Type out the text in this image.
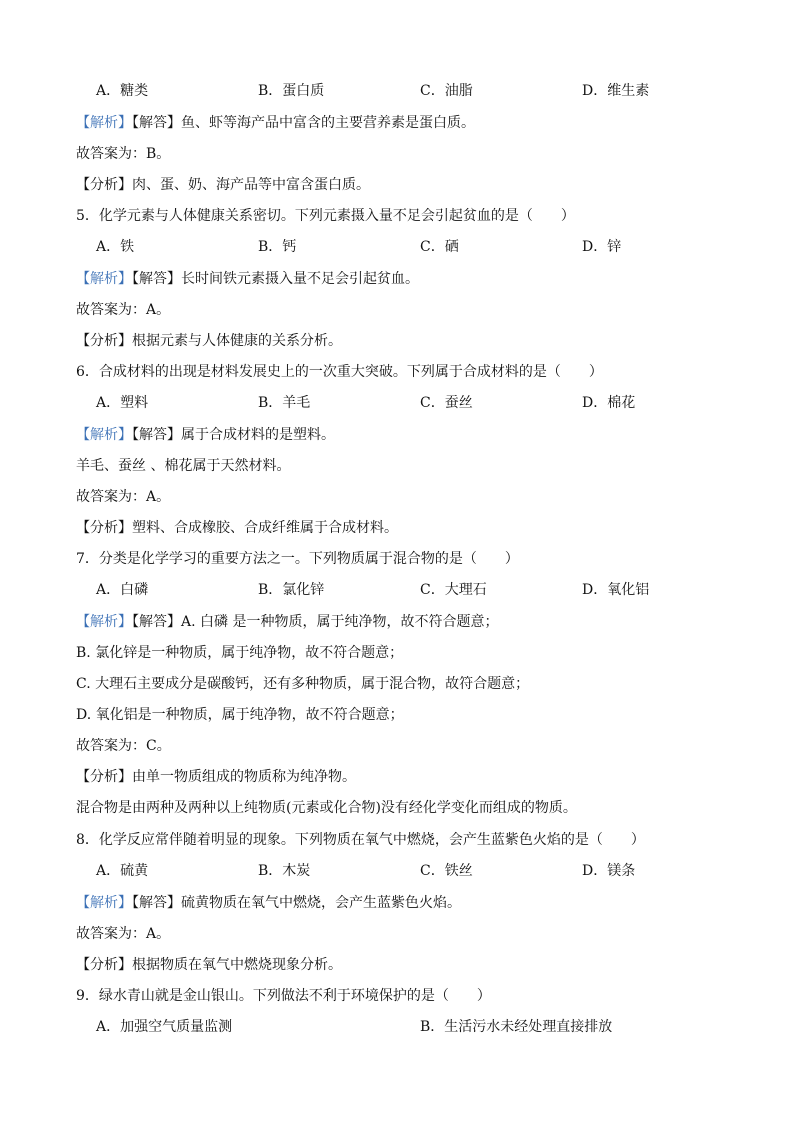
A．糖类	B．蛋白质	C．油脂	D．维生素
【解析】【解答】鱼、虾等海产品中富含的主要营养素是蛋白质。
故答案为：B。
【分析】肉、蛋、奶、海产品等中富含蛋白质。
5．化学元素与人体健康关系密切。下列元素摄入量不足会引起贫血的是（　　）
A．铁	B．钙	C．硒	D．锌
【解析】【解答】长时间铁元素摄入量不足会引起贫血。
故答案为：A。
【分析】根据元素与人体健康的关系分析。
6．合成材料的出现是材料发展史上的一次重大突破。下列属于合成材料的是（　　）
A．塑料	B．羊毛	C．蚕丝	D．棉花
【解析】【解答】属于合成材料的是塑料。
羊毛、蚕丝 、棉花属于天然材料。
故答案为：A。
【分析】塑料、合成橡胶、合成纤维属于合成材料。
7．分类是化学学习的重要方法之一。下列物质属于混合物的是（　　）
A．白磷	B．氯化锌	C．大理石	D．氧化铝
【解析】【解答】A. 白磷 是一种物质，属于纯净物，故不符合题意；
B. 氯化锌是一种物质，属于纯净物，故不符合题意；
C. 大理石主要成分是碳酸钙，还有多种物质，属于混合物，故符合题意；
D. 氧化铝是一种物质，属于纯净物，故不符合题意；
故答案为：C。
【分析】由单一物质组成的物质称为纯净物。
混合物是由两种及两种以上纯物质(元素或化合物)没有经化学变化而组成的物质。
8．化学反应常伴随着明显的现象。下列物质在氧气中燃烧，会产生蓝紫色火焰的是（　　）
A．硫黄	B．木炭	C．铁丝	D．镁条
【解析】【解答】硫黄物质在氧气中燃烧，会产生蓝紫色火焰。
故答案为：A。
【分析】根据物质在氧气中燃烧现象分析。
9．绿水青山就是金山银山。下列做法不利于环境保护的是（　　）
A．加强空气质量监测	B．生活污水未经处理直接排放
